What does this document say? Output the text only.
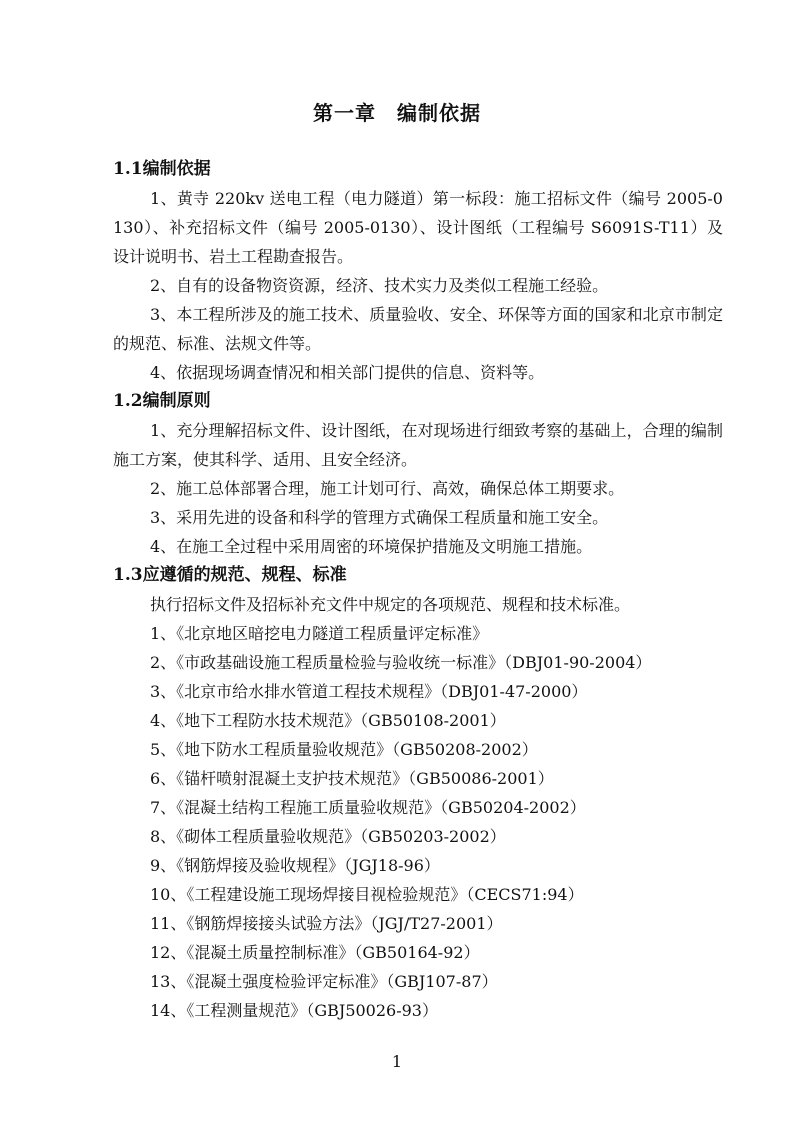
第一章　编制依据
1.1编制依据
1、黄寺 220kv 送电工程（电力隧道）第一标段：施工招标文件（编号 2005-0130）、补充招标文件（编号 2005-0130）、设计图纸（工程编号 S6091S-T11）及设计说明书、岩土工程勘查报告。
2、自有的设备物资资源，经济、技术实力及类似工程施工经验。
3、本工程所涉及的施工技术、质量验收、安全、环保等方面的国家和北京市制定的规范、标准、法规文件等。
4、依据现场调查情况和相关部门提供的信息、资料等。
1.2编制原则
1、充分理解招标文件、设计图纸，在对现场进行细致考察的基础上，合理的编制施工方案，使其科学、适用、且安全经济。
2、施工总体部署合理，施工计划可行、高效，确保总体工期要求。
3、采用先进的设备和科学的管理方式确保工程质量和施工安全。
4、在施工全过程中采用周密的环境保护措施及文明施工措施。
1.3应遵循的规范、规程、标准
执行招标文件及招标补充文件中规定的各项规范、规程和技术标准。
1、《北京地区暗挖电力隧道工程质量评定标准》
2、《市政基础设施工程质量检验与验收统一标准》（DBJ01-90-2004）
3、《北京市给水排水管道工程技术规程》（DBJ01-47-2000）
4、《地下工程防水技术规范》（GB50108-2001）
5、《地下防水工程质量验收规范》（GB50208-2002）
6、《锚杆喷射混凝土支护技术规范》（GB50086-2001）
7、《混凝土结构工程施工质量验收规范》（GB50204-2002）
8、《砌体工程质量验收规范》（GB50203-2002）
9、《钢筋焊接及验收规程》（JGJ18-96）
10、《工程建设施工现场焊接目视检验规范》（CECS71:94）
11、《钢筋焊接接头试验方法》（JGJ/T27-2001）
12、《混凝土质量控制标准》（GB50164-92）
13、《混凝土强度检验评定标准》（GBJ107-87）
14、《工程测量规范》（GBJ50026-93）
1
